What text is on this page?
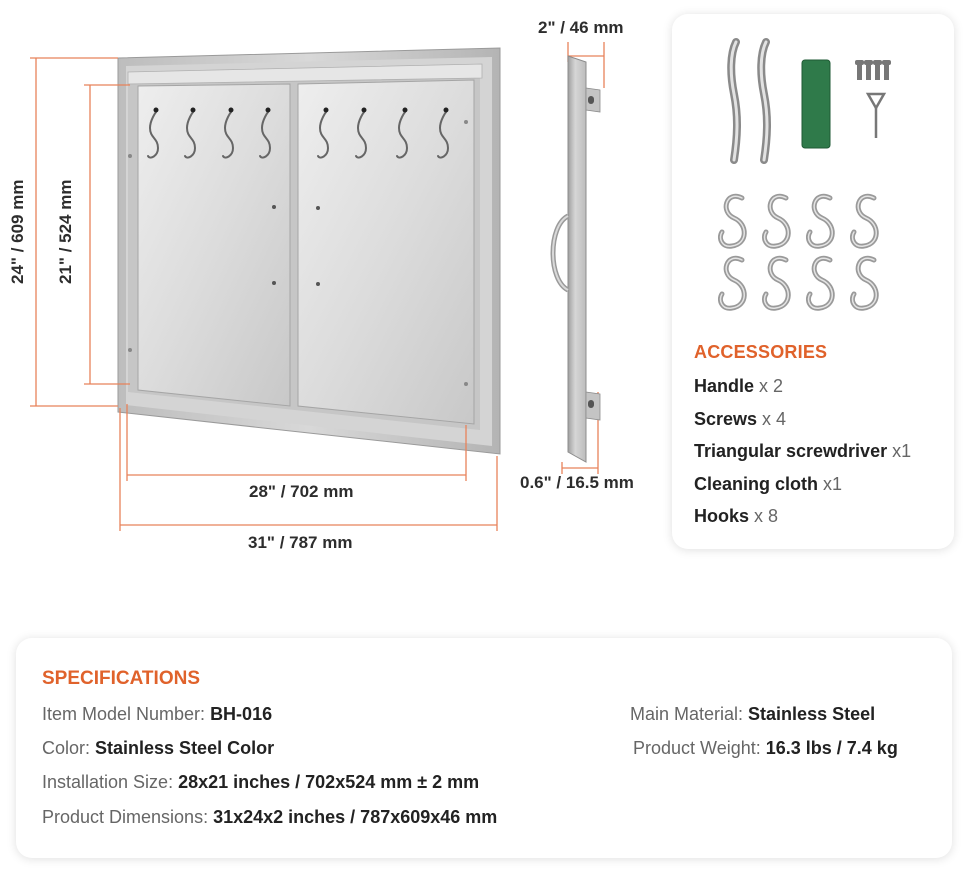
2" / 46 mm
24" / 609 mm 21" / 524 mm
28" / 702 mm
31" / 787 mm
0.6" / 16.5 mm
ACCESSORIES
Handle x 2
Screws x 4
Triangular screwdriver x1
Cleaning cloth x1
Hooks x 8
SPECIFICATIONS
Item Model Number: BH-016
Color: Stainless Steel Color
Installation Size: 28x21 inches / 702x524 mm ± 2 mm
Product Dimensions: 31x24x2 inches / 787x609x46 mm
Main Material: Stainless Steel
Product Weight: 16.3 lbs / 7.4 kg
